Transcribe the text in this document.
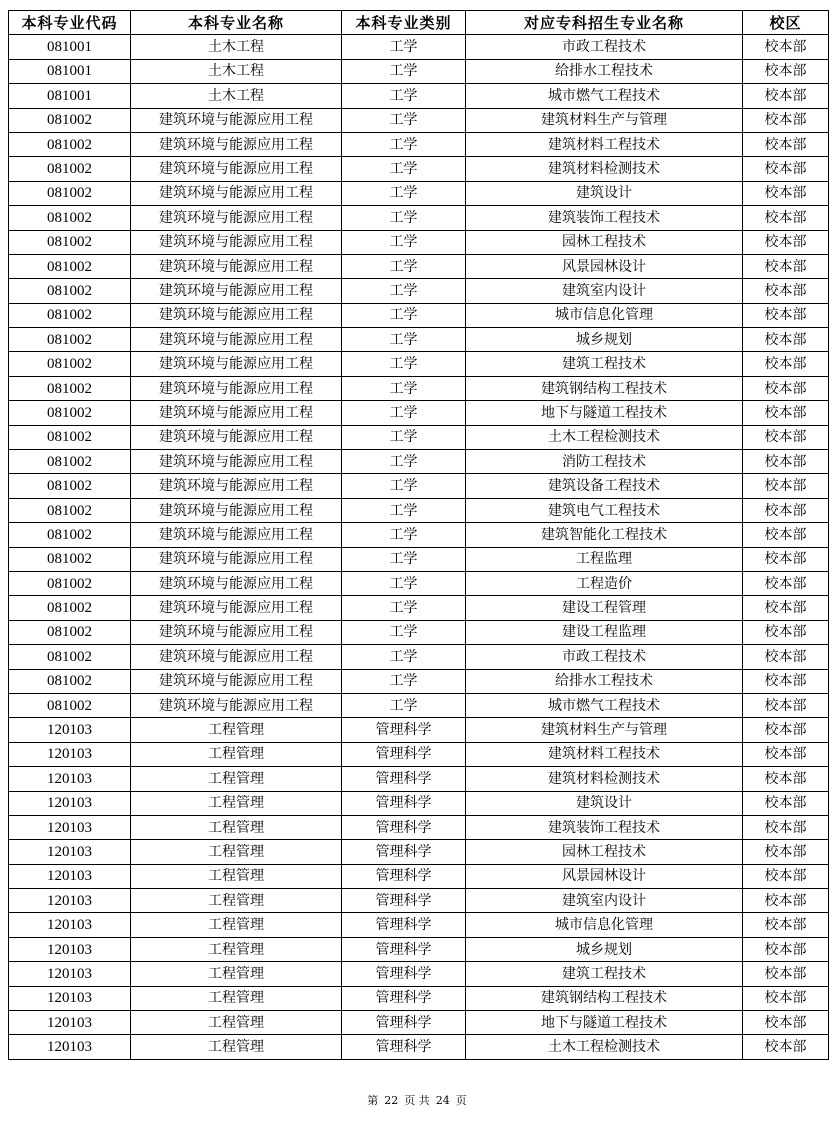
本科专业代码	本科专业名称	本科专业类别	对应专科招生专业名称	校区
081001	土木工程	工学	市政工程技术	校本部
081001	土木工程	工学	给排水工程技术	校本部
081001	土木工程	工学	城市燃气工程技术	校本部
081002	建筑环境与能源应用工程	工学	建筑材料生产与管理	校本部
081002	建筑环境与能源应用工程	工学	建筑材料工程技术	校本部
081002	建筑环境与能源应用工程	工学	建筑材料检测技术	校本部
081002	建筑环境与能源应用工程	工学	建筑设计	校本部
081002	建筑环境与能源应用工程	工学	建筑装饰工程技术	校本部
081002	建筑环境与能源应用工程	工学	园林工程技术	校本部
081002	建筑环境与能源应用工程	工学	风景园林设计	校本部
081002	建筑环境与能源应用工程	工学	建筑室内设计	校本部
081002	建筑环境与能源应用工程	工学	城市信息化管理	校本部
081002	建筑环境与能源应用工程	工学	城乡规划	校本部
081002	建筑环境与能源应用工程	工学	建筑工程技术	校本部
081002	建筑环境与能源应用工程	工学	建筑钢结构工程技术	校本部
081002	建筑环境与能源应用工程	工学	地下与隧道工程技术	校本部
081002	建筑环境与能源应用工程	工学	土木工程检测技术	校本部
081002	建筑环境与能源应用工程	工学	消防工程技术	校本部
081002	建筑环境与能源应用工程	工学	建筑设备工程技术	校本部
081002	建筑环境与能源应用工程	工学	建筑电气工程技术	校本部
081002	建筑环境与能源应用工程	工学	建筑智能化工程技术	校本部
081002	建筑环境与能源应用工程	工学	工程监理	校本部
081002	建筑环境与能源应用工程	工学	工程造价	校本部
081002	建筑环境与能源应用工程	工学	建设工程管理	校本部
081002	建筑环境与能源应用工程	工学	建设工程监理	校本部
081002	建筑环境与能源应用工程	工学	市政工程技术	校本部
081002	建筑环境与能源应用工程	工学	给排水工程技术	校本部
081002	建筑环境与能源应用工程	工学	城市燃气工程技术	校本部
120103	工程管理	管理科学	建筑材料生产与管理	校本部
120103	工程管理	管理科学	建筑材料工程技术	校本部
120103	工程管理	管理科学	建筑材料检测技术	校本部
120103	工程管理	管理科学	建筑设计	校本部
120103	工程管理	管理科学	建筑装饰工程技术	校本部
120103	工程管理	管理科学	园林工程技术	校本部
120103	工程管理	管理科学	风景园林设计	校本部
120103	工程管理	管理科学	建筑室内设计	校本部
120103	工程管理	管理科学	城市信息化管理	校本部
120103	工程管理	管理科学	城乡规划	校本部
120103	工程管理	管理科学	建筑工程技术	校本部
120103	工程管理	管理科学	建筑钢结构工程技术	校本部
120103	工程管理	管理科学	地下与隧道工程技术	校本部
120103	工程管理	管理科学	土木工程检测技术	校本部
第 22 页 共 24 页
